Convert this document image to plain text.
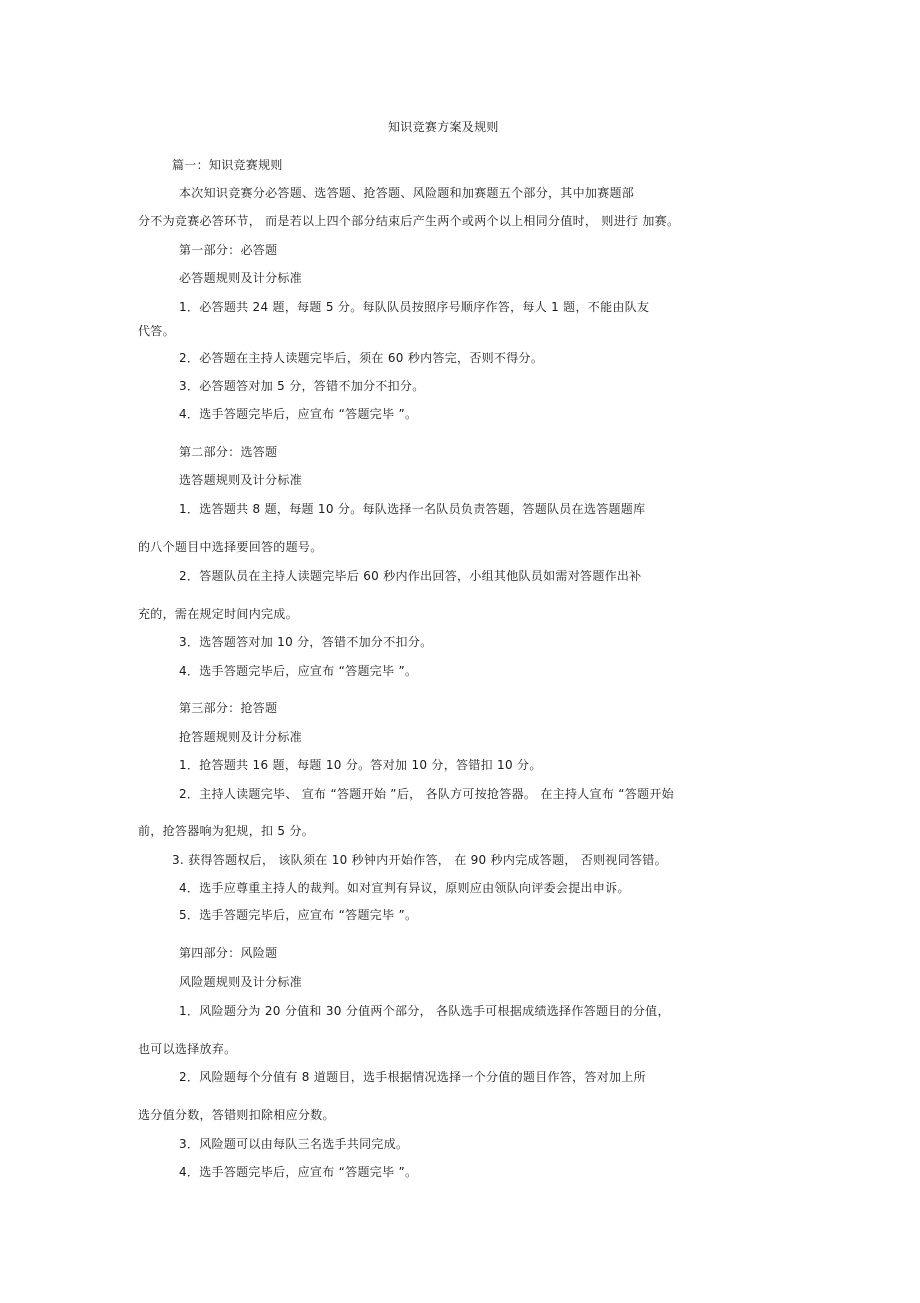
知识竞赛方案及规则
篇一：知识竞赛规则
本次知识竞赛分必答题、选答题、抢答题、风险题和加赛题五个部分，其中加赛题部
分不为竞赛必答环节， 而是若以上四个部分结束后产生两个或两个以上相同分值时， 则进行 加赛。
第一部分：必答题
必答题规则及计分标准
1．必答题共 24 题，每题 5 分。每队队员按照序号顺序作答，每人 1 题，不能由队友
代答。
2．必答题在主持人读题完毕后，须在 60 秒内答完，否则不得分。
3．必答题答对加 5 分，答错不加分不扣分。
4．选手答题完毕后，应宣布 “答题完毕 ”。
第二部分：选答题
选答题规则及计分标准
1．选答题共 8 题，每题 10 分。每队选择一名队员负责答题，答题队员在选答题题库
的八个题目中选择要回答的题号。
2．答题队员在主持人读题完毕后 60 秒内作出回答，小组其他队员如需对答题作出补
充的，需在规定时间内完成。
3．选答题答对加 10 分，答错不加分不扣分。
4．选手答题完毕后，应宣布 “答题完毕 ”。
第三部分：抢答题
抢答题规则及计分标准
1．抢答题共 16 题，每题 10 分。答对加 10 分，答错扣 10 分。
2．主持人读题完毕、 宣布 “答题开始 ”后， 各队方可按抢答器。 在主持人宣布 “答题开始
前，抢答器响为犯规，扣 5 分。
3. 获得答题权后， 该队须在 10 秒钟内开始作答， 在 90 秒内完成答题， 否则视同答错。
4．选手应尊重主持人的裁判。如对宣判有异议，原则应由领队向评委会提出申诉。
5．选手答题完毕后，应宣布 “答题完毕 ”。
第四部分：风险题
风险题规则及计分标准
1．风险题分为 20 分值和 30 分值两个部分， 各队选手可根据成绩选择作答题目的分值，
也可以选择放弃。
2．风险题每个分值有 8 道题目，选手根据情况选择一个分值的题目作答，答对加上所
选分值分数，答错则扣除相应分数。
3．风险题可以由每队三名选手共同完成。
4．选手答题完毕后，应宣布 “答题完毕 ”。
